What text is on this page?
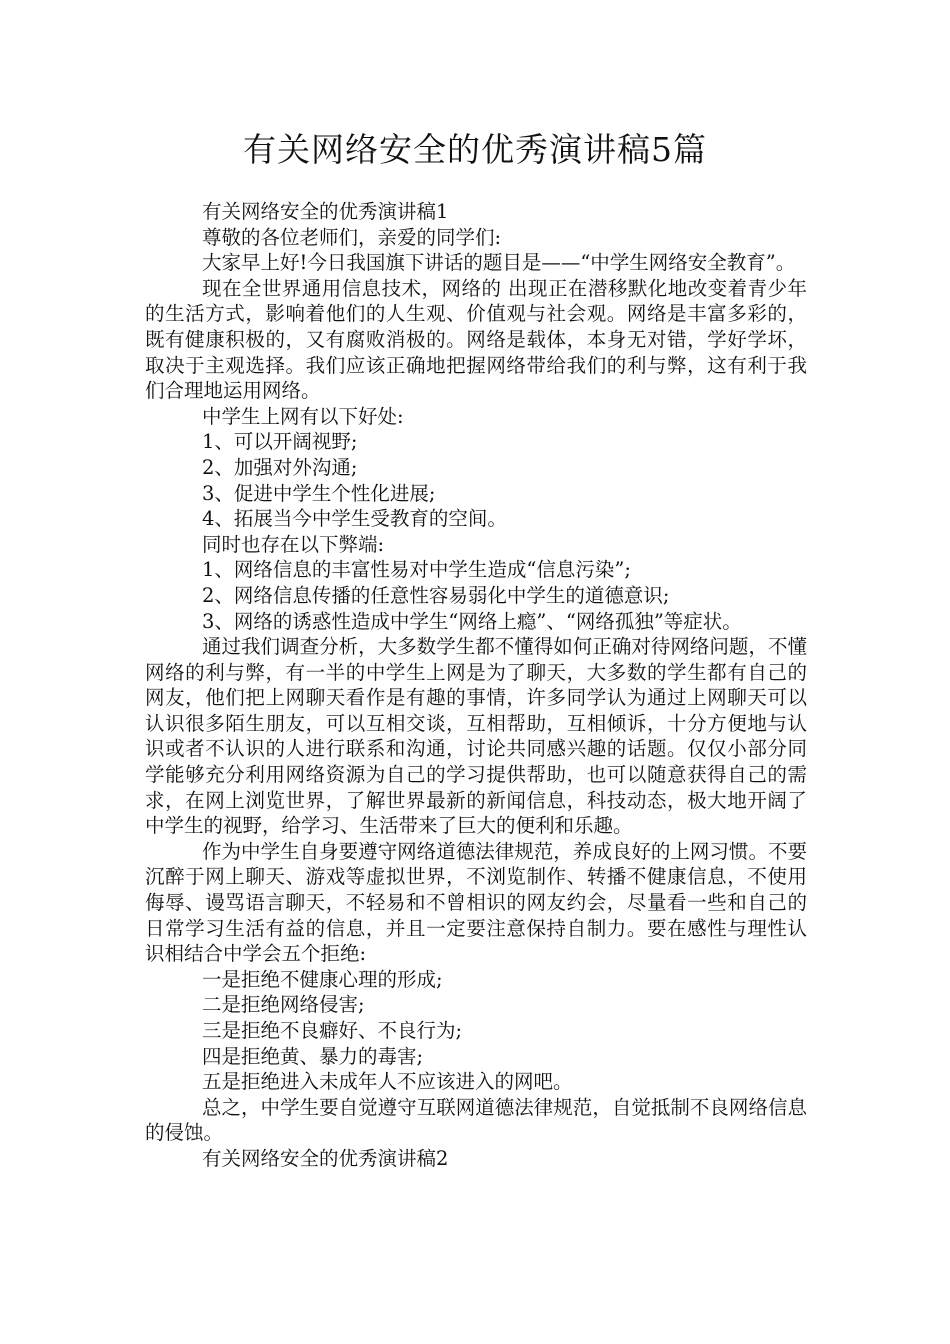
有关网络安全的优秀演讲稿5篇

有关网络安全的优秀演讲稿1

尊敬的各位老师们，亲爱的同学们:

大家早上好!今日我国旗下讲话的题目是——“中学生网络安全教育”。

现在全世界通用信息技术，网络的 出现正在潜移默化地改变着青少年的生活方式，影响着他们的人生观、价值观与社会观。网络是丰富多彩的，既有健康积极的，又有腐败消极的。网络是载体，本身无对错，学好学坏，取决于主观选择。我们应该正确地把握网络带给我们的利与弊，这有利于我们合理地运用网络。

中学生上网有以下好处:

1、可以开阔视野;

2、加强对外沟通;

3、促进中学生个性化进展;

4、拓展当今中学生受教育的空间。

同时也存在以下弊端:

1、网络信息的丰富性易对中学生造成“信息污染”;

2、网络信息传播的任意性容易弱化中学生的道德意识;

3、网络的诱惑性造成中学生“网络上瘾”、“网络孤独”等症状。

通过我们调查分析，大多数学生都不懂得如何正确对待网络问题，不懂网络的利与弊，有一半的中学生上网是为了聊天，大多数的学生都有自己的网友，他们把上网聊天看作是有趣的事情，许多同学认为通过上网聊天可以认识很多陌生朋友，可以互相交谈，互相帮助，互相倾诉，十分方便地与认识或者不认识的人进行联系和沟通，讨论共同感兴趣的话题。仅仅小部分同学能够充分利用网络资源为自己的学习提供帮助，也可以随意获得自己的需求，在网上浏览世界，了解世界最新的新闻信息，科技动态，极大地开阔了中学生的视野，给学习、生活带来了巨大的便利和乐趣。

作为中学生自身要遵守网络道德法律规范，养成良好的上网习惯。不要沉醉于网上聊天、游戏等虚拟世界，不浏览制作、转播不健康信息，不使用侮辱、谩骂语言聊天，不轻易和不曾相识的网友约会，尽量看一些和自己的日常学习生活有益的信息，并且一定要注意保持自制力。要在感性与理性认识相结合中学会五个拒绝:

一是拒绝不健康心理的形成;

二是拒绝网络侵害;

三是拒绝不良癖好、不良行为;

四是拒绝黄、暴力的毒害;

五是拒绝进入未成年人不应该进入的网吧。

总之，中学生要自觉遵守互联网道德法律规范，自觉抵制不良网络信息的侵蚀。

有关网络安全的优秀演讲稿2
